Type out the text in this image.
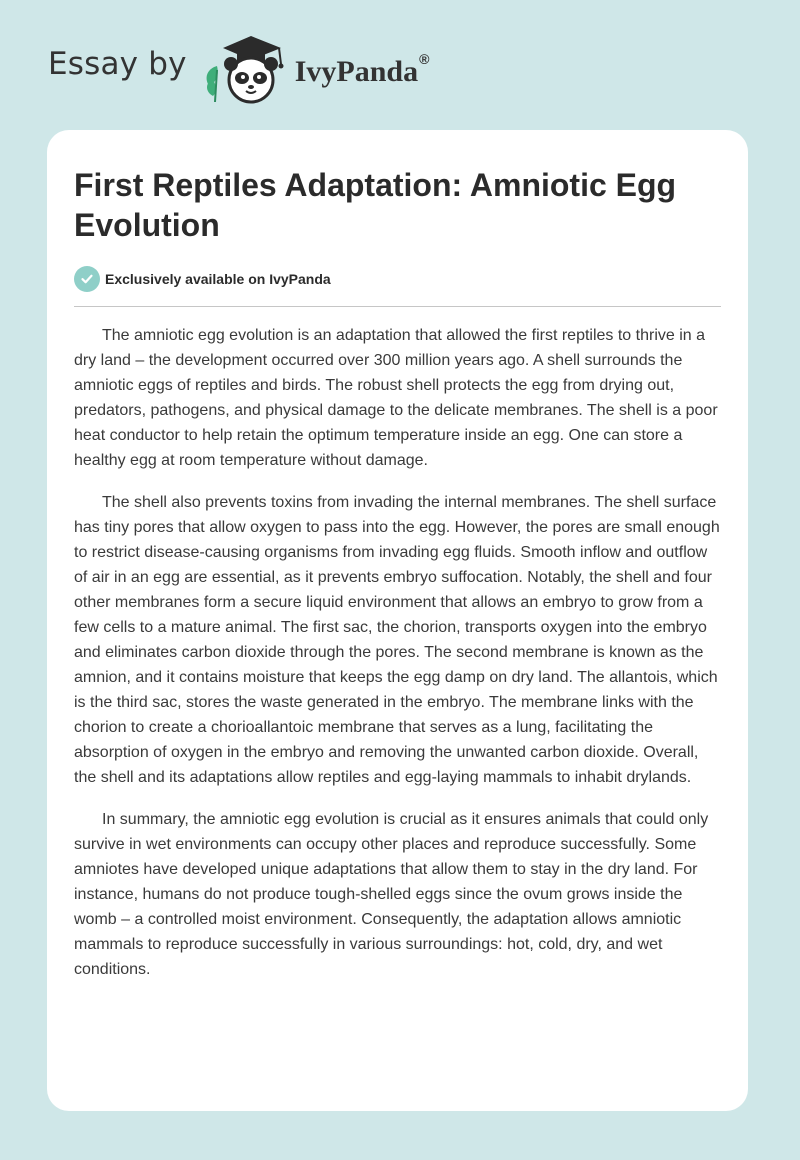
Essay by	IvyPanda®
First Reptiles Adaptation: Amniotic Egg Evolution
Exclusively available on IvyPanda

The amniotic egg evolution is an adaptation that allowed the first reptiles to thrive in a dry land – the development occurred over 300 million years ago. A shell surrounds the amniotic eggs of reptiles and birds. The robust shell protects the egg from drying out, predators, pathogens, and physical damage to the delicate membranes. The shell is a poor heat conductor to help retain the optimum temperature inside an egg. One can store a healthy egg at room temperature without damage.

The shell also prevents toxins from invading the internal membranes. The shell surface has tiny pores that allow oxygen to pass into the egg. However, the pores are small enough to restrict disease-causing organisms from invading egg fluids. Smooth inflow and outflow of air in an egg are essential, as it prevents embryo suffocation. Notably, the shell and four other membranes form a secure liquid environment that allows an embryo to grow from a few cells to a mature animal. The first sac, the chorion, transports oxygen into the embryo and eliminates carbon dioxide through the pores. The second membrane is known as the amnion, and it contains moisture that keeps the egg damp on dry land. The allantois, which is the third sac, stores the waste generated in the embryo. The membrane links with the chorion to create a chorioallantoic membrane that serves as a lung, facilitating the absorption of oxygen in the embryo and removing the unwanted carbon dioxide. Overall, the shell and its adaptations allow reptiles and egg-laying mammals to inhabit drylands.

In summary, the amniotic egg evolution is crucial as it ensures animals that could only survive in wet environments can occupy other places and reproduce successfully. Some amniotes have developed unique adaptations that allow them to stay in the dry land. For instance, humans do not produce tough-shelled eggs since the ovum grows inside the womb – a controlled moist environment. Consequently, the adaptation allows amniotic mammals to reproduce successfully in various surroundings: hot, cold, dry, and wet conditions.
